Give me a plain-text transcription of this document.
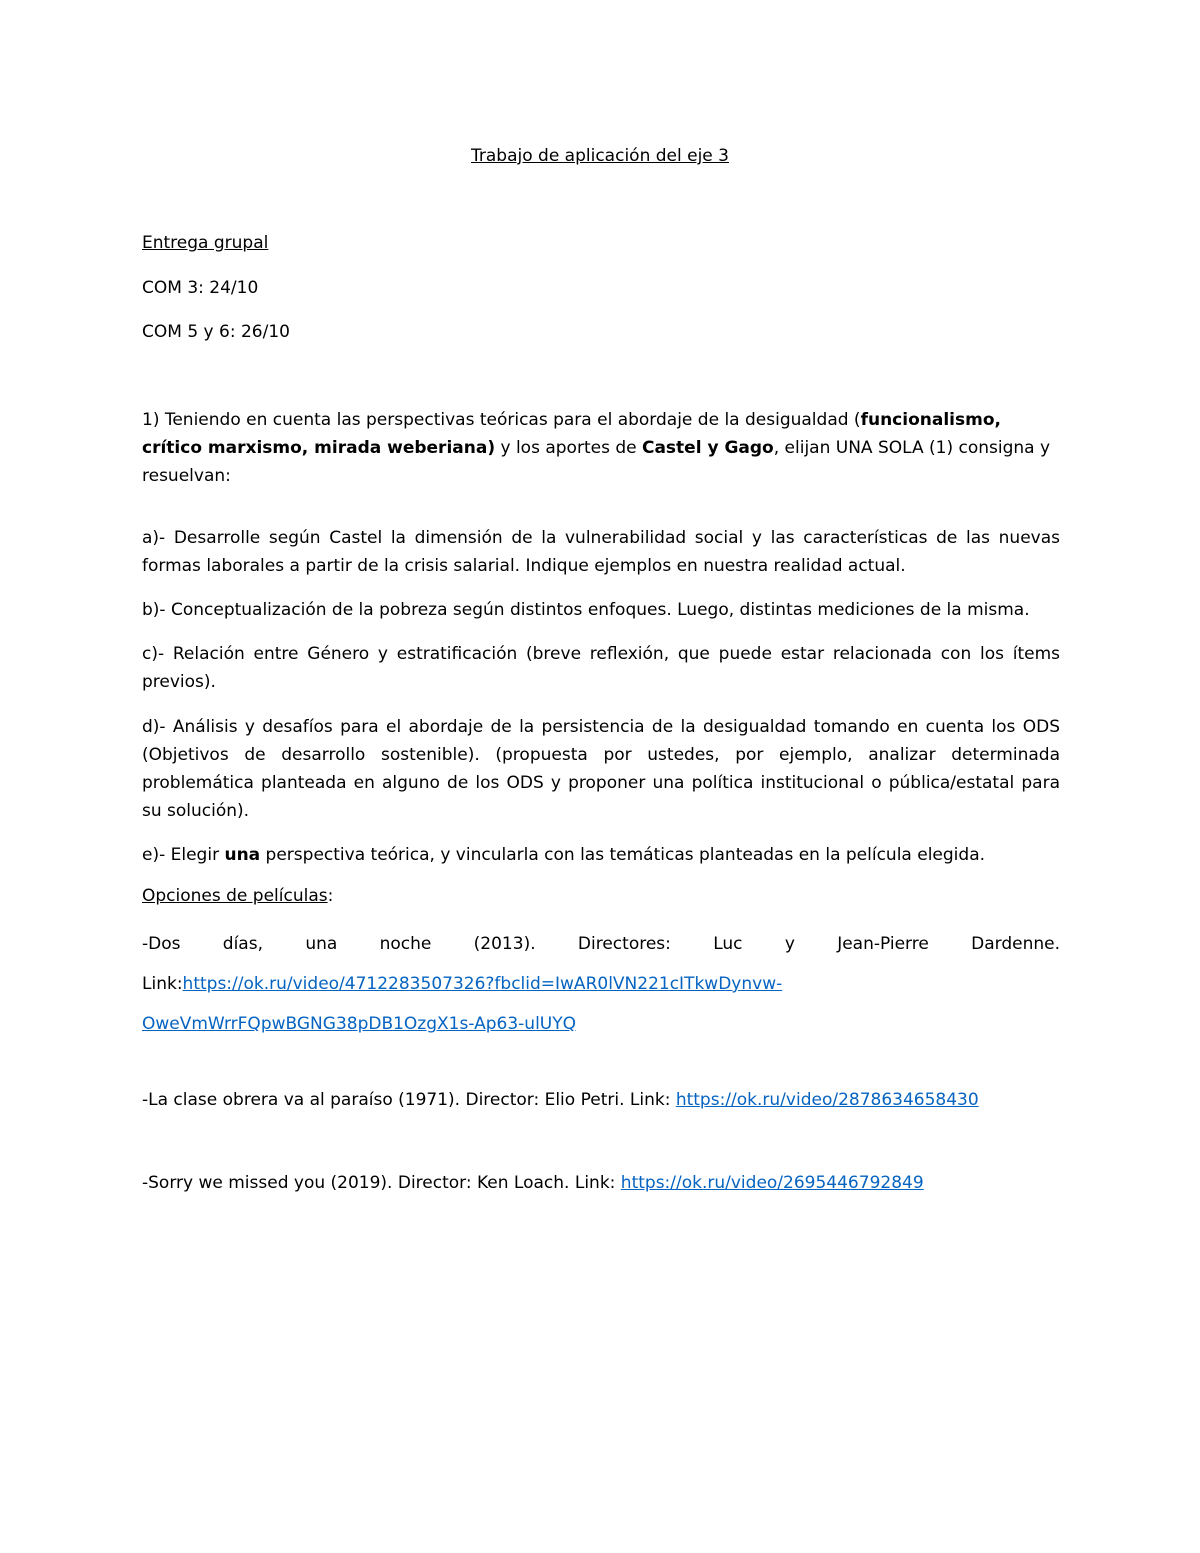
Trabajo de aplicación del eje 3

Entrega grupal

COM 3: 24/10

COM 5 y 6: 26/10

1) Teniendo en cuenta las perspectivas teóricas para el abordaje de la desigualdad (funcionalismo, crítico marxismo, mirada weberiana) y los aportes de Castel y Gago, elijan UNA SOLA (1) consigna y resuelvan:

a)- Desarrolle según Castel la dimensión de la vulnerabilidad social y las características de las nuevas formas laborales a partir de la crisis salarial. Indique ejemplos en nuestra realidad actual.

b)- Conceptualización de la pobreza según distintos enfoques. Luego, distintas mediciones de la misma.

c)- Relación entre Género y estratificación (breve reflexión, que puede estar relacionada con los ítems previos).

d)- Análisis y desafíos para el abordaje de la persistencia de la desigualdad tomando en cuenta los ODS (Objetivos de desarrollo sostenible). (propuesta por ustedes, por ejemplo, analizar determinada problemática planteada en alguno de los ODS y proponer una política institucional o pública/estatal para su solución).

e)- Elegir una perspectiva teórica, y vincularla con las temáticas planteadas en la película elegida.

Opciones de películas:

-Dos días, una noche (2013). Directores: Luc y Jean-Pierre Dardenne.
Link:https://ok.ru/video/4712283507326?fbclid=IwAR0lVN221cITkwDynvw-
OweVmWrrFQpwBGNG38pDB1OzgX1s-Ap63-ulUYQ

-La clase obrera va al paraíso (1971). Director: Elio Petri. Link: https://ok.ru/video/2878634658430

-Sorry we missed you (2019). Director: Ken Loach. Link: https://ok.ru/video/2695446792849
